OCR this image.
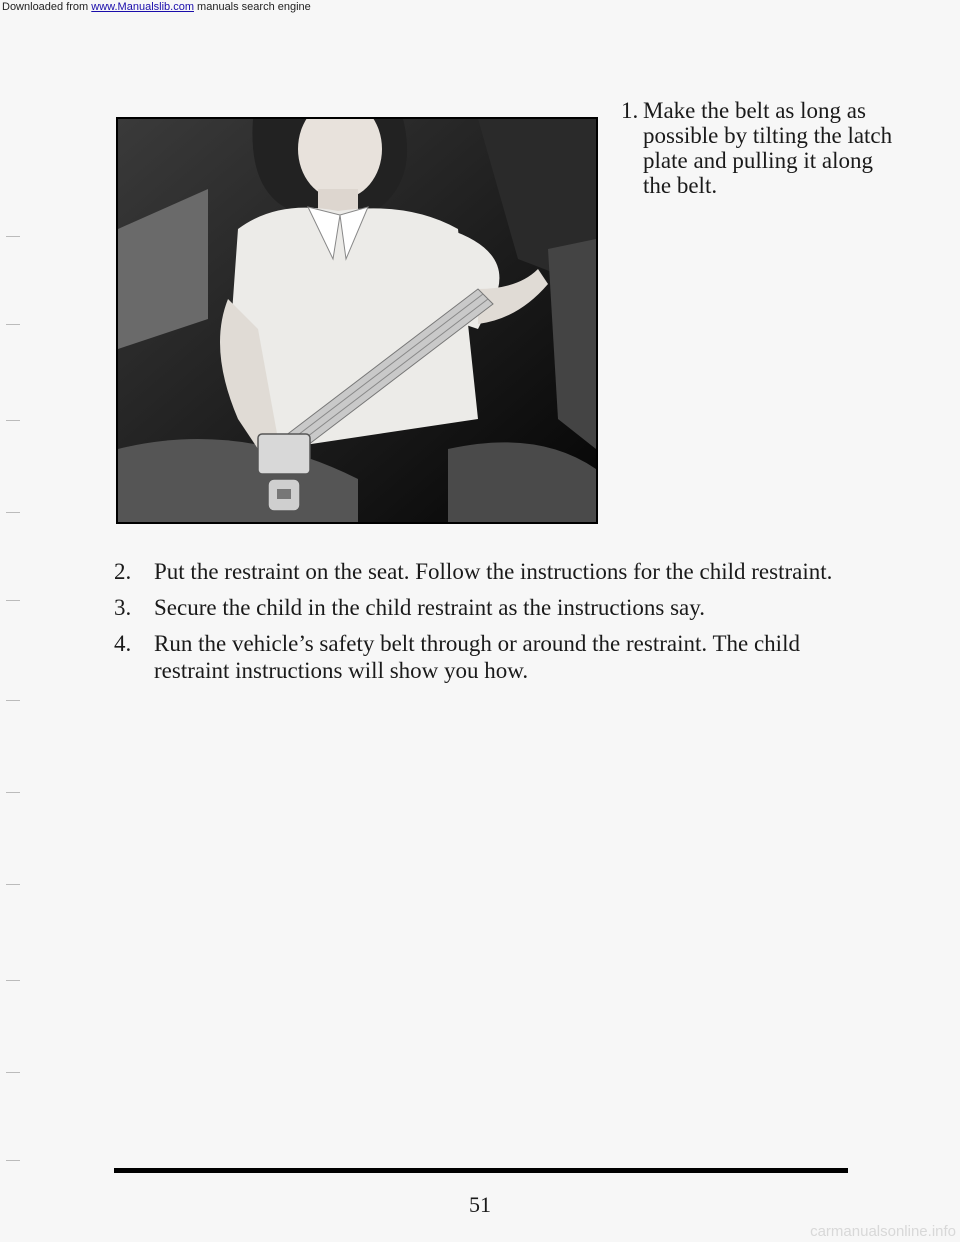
Downloaded from www.Manualslib.com manuals search engine
1. Make the belt as long as possible by tilting the latch plate and pulling it along the belt.
2. Put the restraint on the seat. Follow the instructions for the child restraint.
3. Secure the child in the child restraint as the instructions say.
4. Run the vehicle’s safety belt through or around the restraint. The child restraint instructions will show you how.
51
carmanualsonline.info
